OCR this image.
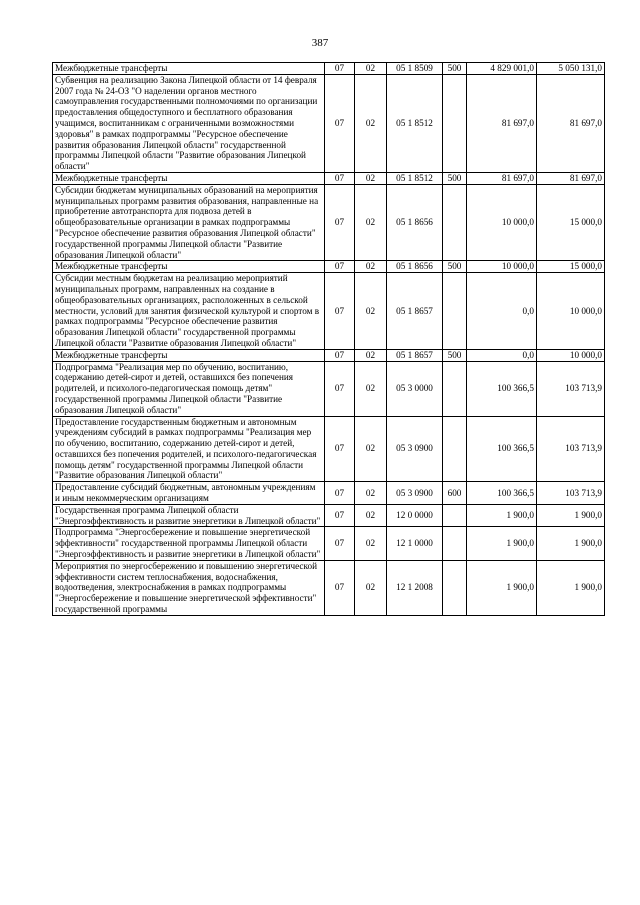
387
Межбюджетные трансферты	07	02	05 1 8509	500	4 829 001,0	5 050 131,0
Субвенция на реализацию Закона Липецкой области от 14 февраля 2007 года № 24-ОЗ "О наделении органов местного самоуправления государственными полномочиями по организации предоставления общедоступного и бесплатного образования учащимся, воспитанникам с ограниченными возможностями здоровья" в рамках подпрограммы "Ресурсное обеспечение развития образования Липецкой области" государственной программы Липецкой области "Развитие образования Липецкой области"	07	02	05 1 8512		81 697,0	81 697,0
Межбюджетные трансферты	07	02	05 1 8512	500	81 697,0	81 697,0
Субсидии бюджетам муниципальных образований на мероприятия муниципальных программ развития образования, направленные на приобретение автотранспорта для подвоза детей в общеобразовательные организации в рамках подпрограммы "Ресурсное обеспечение развития образования Липецкой области" государственной программы Липецкой области "Развитие образования Липецкой области"	07	02	05 1 8656		10 000,0	15 000,0
Межбюджетные трансферты	07	02	05 1 8656	500	10 000,0	15 000,0
Субсидии местным бюджетам на реализацию мероприятий муниципальных программ, направленных на создание в общеобразовательных организациях, расположенных в сельской местности, условий для занятия физической культурой и спортом в рамках подпрограммы "Ресурсное обеспечение развития образования Липецкой области" государственной программы Липецкой области "Развитие образования Липецкой области"	07	02	05 1 8657		0,0	10 000,0
Межбюджетные трансферты	07	02	05 1 8657	500	0,0	10 000,0
Подпрограмма "Реализация мер по обучению, воспитанию, содержанию детей-сирот и детей, оставшихся без попечения родителей, и психолого-педагогическая помощь детям" государственной программы Липецкой области "Развитие образования Липецкой области"	07	02	05 3 0000		100 366,5	103 713,9
Предоставление государственным бюджетным и автономным учреждениям субсидий в рамках подпрограммы "Реализация мер по обучению, воспитанию, содержанию детей-сирот и детей, оставшихся без попечения родителей, и психолого-педагогическая помощь детям" государственной программы Липецкой области "Развитие образования Липецкой области"	07	02	05 3 0900		100 366,5	103 713,9
Предоставление субсидий бюджетным, автономным учреждениям и иным некоммерческим организациям	07	02	05 3 0900	600	100 366,5	103 713,9
Государственная программа Липецкой области "Энергоэффективность и развитие энергетики в Липецкой области"	07	02	12 0 0000		1 900,0	1 900,0
Подпрограмма "Энергосбережение и повышение энергетической эффективности" государственной программы Липецкой области "Энергоэффективность и развитие энергетики в Липецкой области"	07	02	12 1 0000		1 900,0	1 900,0
Мероприятия по энергосбережению и повышению энергетической эффективности систем теплоснабжения, водоснабжения, водоотведения, электроснабжения в рамках подпрограммы "Энергосбережение и повышение энергетической эффективности" государственной программы	07	02	12 1 2008		1 900,0	1 900,0
